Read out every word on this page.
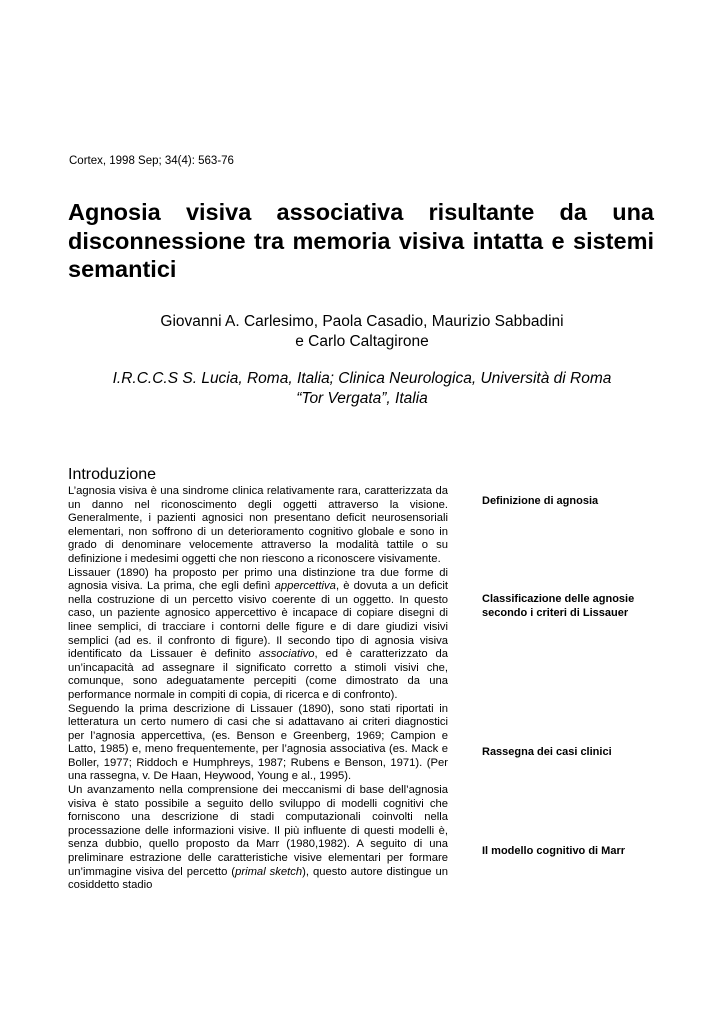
Cortex, 1998 Sep; 34(4): 563-76
Agnosia visiva associativa risultante da una disconnessione tra memoria visiva intatta e sistemi semantici
Giovanni A. Carlesimo, Paola Casadio, Maurizio Sabbadini
e Carlo Caltagirone
I.R.C.C.S S. Lucia, Roma, Italia; Clinica Neurologica, Università di Roma
“Tor Vergata”, Italia
Introduzione

L’agnosia visiva è una sindrome clinica relativamente rara, caratterizzata da un danno nel riconoscimento degli oggetti attraverso la visione. Generalmente, i pazienti agnosici non presentano deficit neurosensoriali elementari, non soffrono di un deterioramento cognitivo globale e sono in grado di denominare velocemente attraverso la modalità tattile o su definizione i medesimi oggetti che non riescono a riconoscere visivamente.

Lissauer (1890) ha proposto per primo una distinzione tra due forme di agnosia visiva. La prima, che egli definì appercettiva, è dovuta a un deficit nella costruzione di un percetto visivo coerente di un oggetto. In questo caso, un paziente agnosico appercettivo è incapace di copiare disegni di linee semplici, di tracciare i contorni delle figure e di dare giudizi visivi semplici (ad es. il confronto di figure). Il secondo tipo di agnosia visiva identificato da Lissauer è definito associativo, ed è caratterizzato da un’incapacità ad assegnare il significato corretto a stimoli visivi che, comunque, sono adeguatamente percepiti (come dimostrato da una performance normale in compiti di copia, di ricerca e di confronto).

Seguendo la prima descrizione di Lissauer (1890), sono stati riportati in letteratura un certo numero di casi che si adattavano ai criteri diagnostici per l’agnosia appercettiva, (es. Benson e Greenberg, 1969; Campion e Latto, 1985) e, meno frequentemente, per l’agnosia associativa (es. Mack e Boller, 1977; Riddoch e Humphreys, 1987; Rubens e Benson, 1971). (Per una rassegna, v. De Haan, Heywood, Young e al., 1995).

Un avanzamento nella comprensione dei meccanismi di base dell’agnosia visiva è stato possibile a seguito dello sviluppo di modelli cognitivi che forniscono una descrizione di stadi computazionali coinvolti nella processazione delle informazioni visive. Il più influente di questi modelli è, senza dubbio, quello proposto da Marr (1980,1982). A seguito di una preliminare estrazione delle caratteristiche visive elementari per formare un’immagine visiva del percetto (primal sketch), questo autore distingue un cosiddetto stadio

Definizione di agnosia
Classificazione delle agnosie secondo i criteri di Lissauer
Rassegna dei casi clinici
Il modello cognitivo di Marr
